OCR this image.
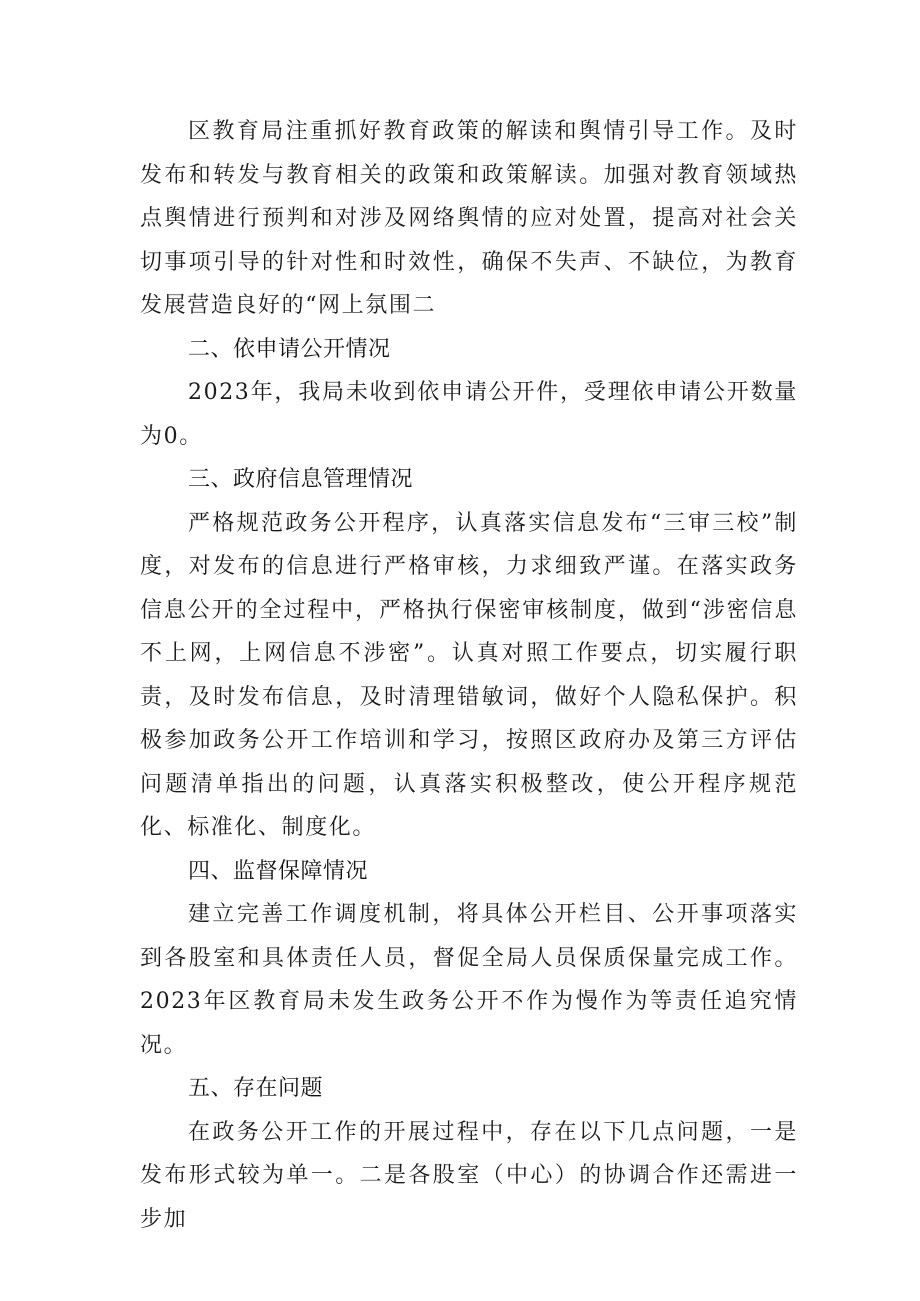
区教育局注重抓好教育政策的解读和舆情引导工作。及时发布和转发与教育相关的政策和政策解读。加强对教育领域热点舆情进行预判和对涉及网络舆情的应对处置，提高对社会关切事项引导的针对性和时效性，确保不失声、不缺位，为教育发展营造良好的“网上氛围二

二、依申请公开情况

2023年，我局未收到依申请公开件，受理依申请公开数量为0。

三、政府信息管理情况

严格规范政务公开程序，认真落实信息发布“三审三校”制度，对发布的信息进行严格审核，力求细致严谨。在落实政务信息公开的全过程中，严格执行保密审核制度，做到“涉密信息不上网，上网信息不涉密”。认真对照工作要点，切实履行职责，及时发布信息，及时清理错敏词，做好个人隐私保护。积极参加政务公开工作培训和学习，按照区政府办及第三方评估问题清单指出的问题，认真落实积极整改，使公开程序规范化、标准化、制度化。

四、监督保障情况

建立完善工作调度机制，将具体公开栏目、公开事项落实到各股室和具体责任人员，督促全局人员保质保量完成工作。2023年区教育局未发生政务公开不作为慢作为等责任追究情况。

五、存在问题

在政务公开工作的开展过程中，存在以下几点问题，一是发布形式较为单一。二是各股室（中心）的协调合作还需进一步加
